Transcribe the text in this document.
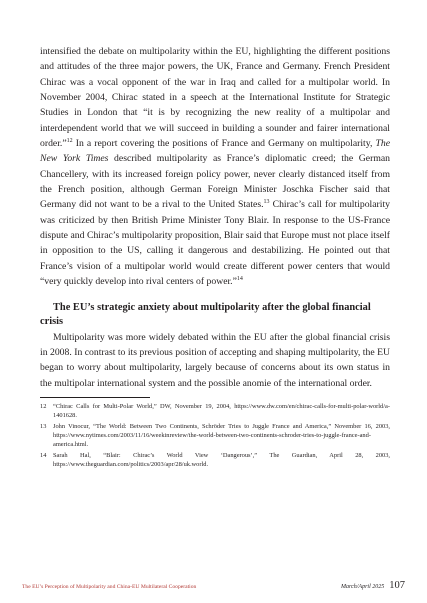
intensified the debate on multipolarity within the EU, highlighting the different positions and attitudes of the three major powers, the UK, France and Germany. French President Chirac was a vocal opponent of the war in Iraq and called for a multipolar world. In November 2004, Chirac stated in a speech at the International Institute for Strategic Studies in London that “it is by recognizing the new reality of a multipolar and interdependent world that we will succeed in building a sounder and fairer international order.”$^{12}$ In a report covering the positions of France and Germany on multipolarity, The New York Times described multipolarity as France’s diplomatic creed; the German Chancellery, with its increased foreign policy power, never clearly distanced itself from the French position, although German Foreign Minister Joschka Fischer said that Germany did not want to be a rival to the United States.$^{13}$ Chirac’s call for multipolarity was criticized by then British Prime Minister Tony Blair. In response to the US-France dispute and Chirac’s multipolarity proposition, Blair said that Europe must not place itself in opposition to the US, calling it dangerous and destabilizing. He pointed out that France’s vision of a multipolar world would create different power centers that would “very quickly develop into rival centers of power.”$^{14}$

The EU’s strategic anxiety about multipolarity after the global financial crisis

Multipolarity was more widely debated within the EU after the global financial crisis in 2008. In contrast to its previous position of accepting and shaping multipolarity, the EU began to worry about multipolarity, largely because of concerns about its own status in the multipolar international system and the possible anomie of the international order.

12 “Chirac Calls for Multi-Polar World,” DW, November 19, 2004, https://www.dw.com/en/chirac-calls-for-multi-polar-world/a-1401628.
13 John Vinocur, “The World: Between Two Continents, Schröder Tries to Juggle France and America,” November 16, 2003, https://www.nytimes.com/2003/11/16/weekinreview/the-world-between-two-continents-schroder-tries-to-juggle-france-and-america.html.
14 Sarah Hal, “Blair: Chirac’s World View ‘Dangerous’,” The Guardian, April 28, 2003, https://www.theguardian.com/politics/2003/apr/28/uk.world.
The EU’s Perception of Multipolarity and China-EU Multilateral Cooperation	March/April 2025 107
